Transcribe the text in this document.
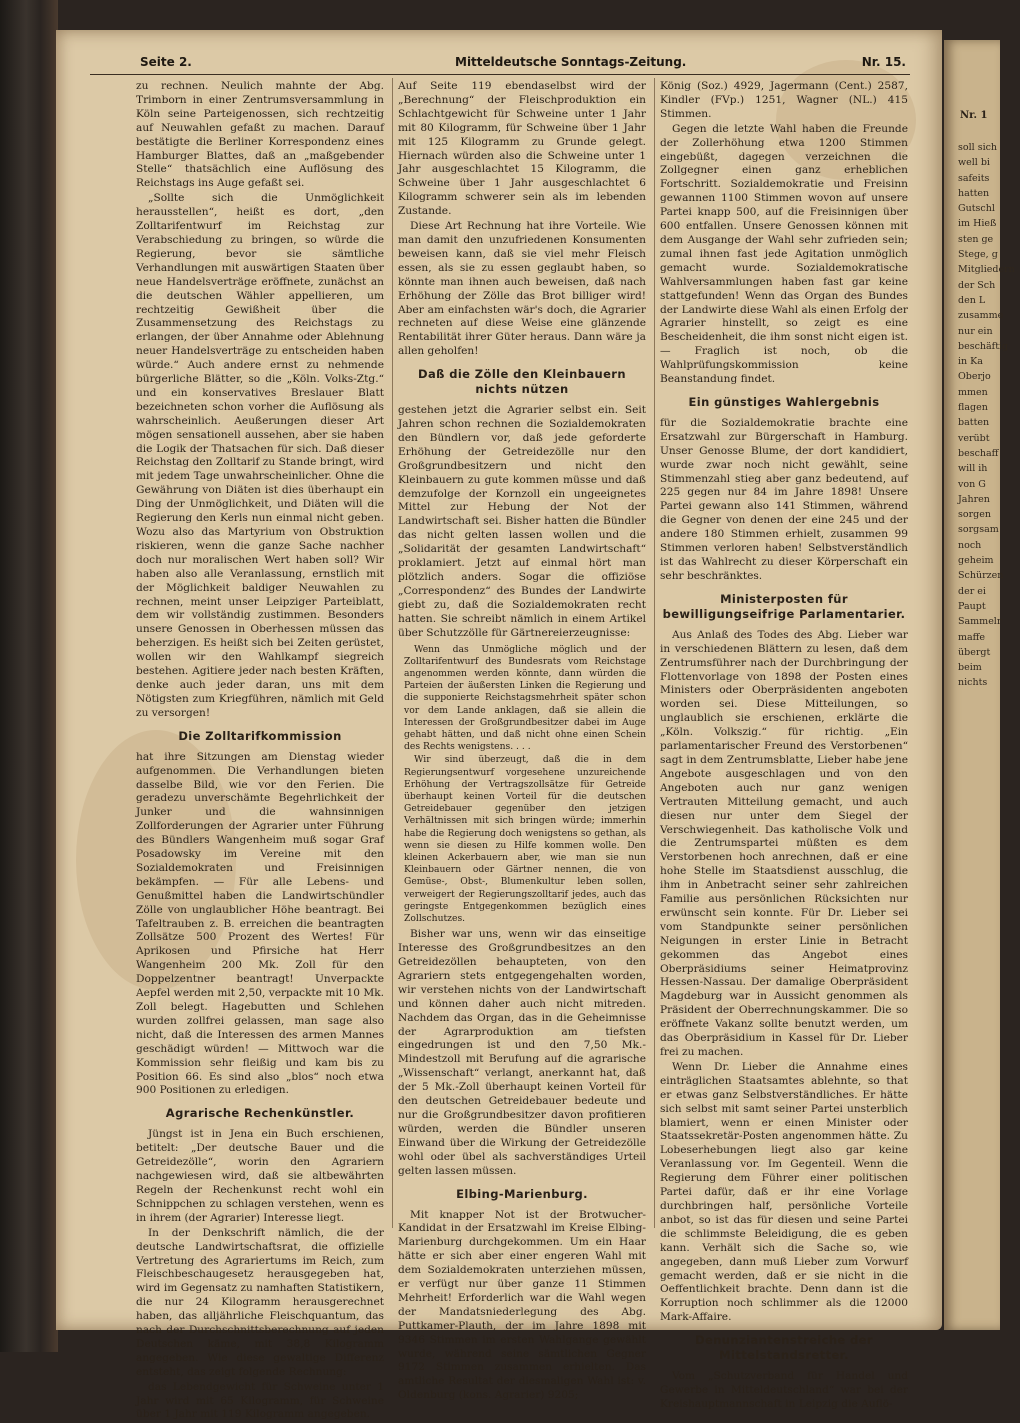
Seite 2.	Mitteldeutsche Sonntags-Zeitung.	Nr. 15.

zu rechnen. Neulich mahnte der Abg. Trimborn in einer Zentrumsversammlung in Köln seine Parteigenossen, sich rechtzeitig auf Neuwahlen gefaßt zu machen. Darauf bestätigte die Berliner Korrespondenz eines Hamburger Blattes, daß an „maßgebender Stelle“ thatsächlich eine Auflösung des Reichstags ins Auge gefaßt sei.

„Sollte sich die Unmöglichkeit herausstellen“, heißt es dort, „den Zolltarifentwurf im Reichstag zur Verabschiedung zu bringen, so würde die Regierung, bevor sie sämtliche Verhandlungen mit auswärtigen Staaten über neue Handelsverträge eröffnete, zunächst an die deutschen Wähler appellieren, um rechtzeitig Gewißheit über die Zusammensetzung des Reichstags zu erlangen, der über Annahme oder Ablehnung neuer Handelsverträge zu entscheiden haben würde.“ Auch andere ernst zu nehmende bürgerliche Blätter, so die „Köln. Volks-Ztg.“ und ein konservatives Breslauer Blatt bezeichneten schon vorher die Auflösung als wahrscheinlich. Aeußerungen dieser Art mögen sensationell aussehen, aber sie haben die Logik der Thatsachen für sich. Daß dieser Reichstag den Zolltarif zu Stande bringt, wird mit jedem Tage unwahrscheinlicher. Ohne die Gewährung von Diäten ist dies überhaupt ein Ding der Unmöglichkeit, und Diäten will die Regierung den Kerls nun einmal nicht geben. Wozu also das Martyrium von Obstruktion riskieren, wenn die ganze Sache nachher doch nur moralischen Wert haben soll? Wir haben also alle Veranlassung, ernstlich mit der Möglichkeit baldiger Neuwahlen zu rechnen, meint unser Leipziger Parteiblatt, dem wir vollständig zustimmen. Besonders unsere Genossen in Oberhessen müssen das beherzigen. Es heißt sich bei Zeiten gerüstet, wollen wir den Wahlkampf siegreich bestehen. Agitiere jeder nach besten Kräften, denke auch jeder daran, uns mit dem Nötigsten zum Kriegführen, nämlich mit Geld zu versorgen!

Die Zolltarifkommission

hat ihre Sitzungen am Dienstag wieder aufgenommen. Die Verhandlungen bieten dasselbe Bild, wie vor den Ferien. Die geradezu unverschämte Begehrlichkeit der Junker und die wahnsinnigen Zollforderungen der Agrarier unter Führung des Bündlers Wangenheim muß sogar Graf Posadowsky im Vereine mit den Sozialdemokraten und Freisinnigen bekämpfen. — Für alle Lebens- und Genußmittel haben die Landwirtschündler Zölle von unglaublicher Höhe beantragt. Bei Tafeltrauben z. B. erreichen die beantragten Zollsätze 500 Prozent des Wertes! Für Aprikosen und Pfirsiche hat Herr Wangenheim 200 Mk. Zoll für den Doppelzentner beantragt! Unverpackte Aepfel werden mit 2,50, verpackte mit 10 Mk. Zoll belegt. Hagebutten und Schlehen wurden zollfrei gelassen, man sage also nicht, daß die Interessen des armen Mannes geschädigt würden! — Mittwoch war die Kommission sehr fleißig und kam bis zu Position 66. Es sind also „blos“ noch etwa 900 Positionen zu erledigen.

Agrarische Rechenkünstler.

Jüngst ist in Jena ein Buch erschienen, betitelt: „Der deutsche Bauer und die Getreidezölle“, worin den Agrariern nachgewiesen wird, daß sie altbewährten Regeln der Rechenkunst recht wohl ein Schnippchen zu schlagen verstehen, wenn es in ihrem (der Agrarier) Interesse liegt.

In der Denkschrift nämlich, die der deutsche Landwirtschaftsrat, die offizielle Vertretung des Agrariertums im Reich, zum Fleischbeschaugesetz herausgegeben hat, wird im Gegensatz zu namhaften Statistikern, die nur 24 Kilogramm herausgerechnet haben, das alljährliche Fleischquantum, das nach der Durchschnittsberechnung auf jeden Deutschen käme, mit 38,8 Kilogramm angegeben. Wie diese gewaltige Differenz entsteht, das zeigt folgende Rechnung:

das Lebendgewicht für Schweine unter 1 Jahr wird mit 65 Kilogramm, für Schweine über 1 Jahr mit 119 Kilogramm angegeben.

Auf Seite 119 ebendaselbst wird der „Berechnung“ der Fleischproduktion ein Schlachtgewicht für Schweine unter 1 Jahr mit 80 Kilogramm, für Schweine über 1 Jahr mit 125 Kilogramm zu Grunde gelegt. Hiernach würden also die Schweine unter 1 Jahr ausgeschlachtet 15 Kilogramm, die Schweine über 1 Jahr ausgeschlachtet 6 Kilogramm schwerer sein als im lebenden Zustande.

Diese Art Rechnung hat ihre Vorteile. Wie man damit den unzufriedenen Konsumenten beweisen kann, daß sie viel mehr Fleisch essen, als sie zu essen geglaubt haben, so könnte man ihnen auch beweisen, daß nach Erhöhung der Zölle das Brot billiger wird! Aber am einfachsten wär's doch, die Agrarier rechneten auf diese Weise eine glänzende Rentabilität ihrer Güter heraus. Dann wäre ja allen geholfen!

Daß die Zölle den Kleinbauern nichts nützen

gestehen jetzt die Agrarier selbst ein. Seit Jahren schon rechnen die Sozialdemokraten den Bündlern vor, daß jede geforderte Erhöhung der Getreidezölle nur den Großgrundbesitzern und nicht den Kleinbauern zu gute kommen müsse und daß demzufolge der Kornzoll ein ungeeignetes Mittel zur Hebung der Not der Landwirtschaft sei. Bisher hatten die Bündler das nicht gelten lassen wollen und die „Solidarität der gesamten Landwirtschaft“ proklamiert. Jetzt auf einmal hört man plötzlich anders. Sogar die offiziöse „Correspondenz“ des Bundes der Landwirte giebt zu, daß die Sozialdemokraten recht hatten. Sie schreibt nämlich in einem Artikel über Schutzzölle für Gärtnereierzeugnisse:

Wenn das Unmögliche möglich und der Zolltarifentwurf des Bundesrats vom Reichstage angenommen werden könnte, dann würden die Parteien der äußersten Linken die Regierung und die supponierte Reichstagsmehrheit später schon vor dem Lande anklagen, daß sie allein die Interessen der Großgrundbesitzer dabei im Auge gehabt hätten, und daß nicht ohne einen Schein des Rechts wenigstens. . . .

Wir sind überzeugt, daß die in dem Regierungsentwurf vorgesehene unzureichende Erhöhung der Vertragszollsätze für Getreide überhaupt keinen Vorteil für die deutschen Getreidebauer gegenüber den jetzigen Verhältnissen mit sich bringen würde; immerhin habe die Regierung doch wenigstens so gethan, als wenn sie diesen zu Hilfe kommen wolle. Den kleinen Ackerbauern aber, wie man sie nun Kleinbauern oder Gärtner nennen, die von Gemüse-, Obst-, Blumenkultur leben sollen, verweigert der Regierungszolltarif jedes, auch das geringste Entgegenkommen bezüglich eines Zollschutzes.

Bisher war uns, wenn wir das einseitige Interesse des Großgrundbesitzes an den Getreidezöllen behaupteten, von den Agrariern stets entgegengehalten worden, wir verstehen nichts von der Landwirtschaft und können daher auch nicht mitreden. Nachdem das Organ, das in die Geheimnisse der Agrarproduktion am tiefsten eingedrungen ist und den 7,50 Mk.-Mindestzoll mit Berufung auf die agrarische „Wissenschaft“ verlangt, anerkannt hat, daß der 5 Mk.-Zoll überhaupt keinen Vorteil für den deutschen Getreidebauer bedeute und nur die Großgrundbesitzer davon profitieren würden, werden die Bündler unseren Einwand über die Wirkung der Getreidezölle wohl oder übel als sachverständiges Urteil gelten lassen müssen.

Elbing-Marienburg.

Mit knapper Not ist der Brotwucher-Kandidat in der Ersatzwahl im Kreise Elbing-Marienburg durchgekommen. Um ein Haar hätte er sich aber einer engeren Wahl mit dem Sozialdemokraten unterziehen müssen, er verfügt nur über ganze 11 Stimmen Mehrheit! Erforderlich war die Wahl wegen der Mandatsniederlegung des Abg. Puttkamer-Plauth, der im Jahre 1898 mit 9346 Stimmen im ersten Wahlgange gewählt wurde, während seine sämtlichen Gegner 9172 Stimmen zusammen erhielten. Das amtliche Resultat der diesmaligen Wahl ist: v. Oldenburg (kons. Agrarier) 9205;

König (Soz.) 4929, Jagermann (Cent.) 2587, Kindler (FVp.) 1251, Wagner (NL.) 415 Stimmen.

Gegen die letzte Wahl haben die Freunde der Zollerhöhung etwa 1200 Stimmen eingebüßt, dagegen verzeichnen die Zollgegner einen ganz erheblichen Fortschritt. Sozialdemokratie und Freisinn gewannen 1100 Stimmen wovon auf unsere Partei knapp 500, auf die Freisinnigen über 600 entfallen. Unsere Genossen können mit dem Ausgange der Wahl sehr zufrieden sein; zumal ihnen fast jede Agitation unmöglich gemacht wurde. Sozialdemokratische Wahlversammlungen haben fast gar keine stattgefunden! Wenn das Organ des Bundes der Landwirte diese Wahl als einen Erfolg der Agrarier hinstellt, so zeigt es eine Bescheidenheit, die ihm sonst nicht eigen ist. — Fraglich ist noch, ob die Wahlprüfungskommission keine Beanstandung findet.

Ein günstiges Wahlergebnis

für die Sozialdemokratie brachte eine Ersatzwahl zur Bürgerschaft in Hamburg. Unser Genosse Blume, der dort kandidiert, wurde zwar noch nicht gewählt, seine Stimmenzahl stieg aber ganz bedeutend, auf 225 gegen nur 84 im Jahre 1898! Unsere Partei gewann also 141 Stimmen, während die Gegner von denen der eine 245 und der andere 180 Stimmen erhielt, zusammen 99 Stimmen verloren haben! Selbstverständlich ist das Wahlrecht zu dieser Körperschaft ein sehr beschränktes.

Ministerposten für bewilligungseifrige Parlamentarier.

Aus Anlaß des Todes des Abg. Lieber war in verschiedenen Blättern zu lesen, daß dem Zentrumsführer nach der Durchbringung der Flottenvorlage von 1898 der Posten eines Ministers oder Oberpräsidenten angeboten worden sei. Diese Mitteilungen, so unglaublich sie erschienen, erklärte die „Köln. Volkszig.“ für richtig. „Ein parlamentarischer Freund des Verstorbenen“ sagt in dem Zentrumsblatte, Lieber habe jene Angebote ausgeschlagen und von den Angeboten auch nur ganz wenigen Vertrauten Mitteilung gemacht, und auch diesen nur unter dem Siegel der Verschwiegenheit. Das katholische Volk und die Zentrumspartei müßten es dem Verstorbenen hoch anrechnen, daß er eine hohe Stelle im Staatsdienst ausschlug, die ihm in Anbetracht seiner sehr zahlreichen Familie aus persönlichen Rücksichten nur erwünscht sein konnte. Für Dr. Lieber sei vom Standpunkte seiner persönlichen Neigungen in erster Linie in Betracht gekommen das Angebot eines Oberpräsidiums seiner Heimatprovinz Hessen-Nassau. Der damalige Oberpräsident Magdeburg war in Aussicht genommen als Präsident der Oberrechnungskammer. Die so eröffnete Vakanz sollte benutzt werden, um das Oberpräsidium in Kassel für Dr. Lieber frei zu machen.

Wenn Dr. Lieber die Annahme eines einträglichen Staatsamtes ablehnte, so that er etwas ganz Selbstverständliches. Er hätte sich selbst mit samt seiner Partei unsterblich blamiert, wenn er einen Minister oder Staatssekretär-Posten angenommen hätte. Zu Lobeserhebungen liegt also gar keine Veranlassung vor. Im Gegenteil. Wenn die Regierung dem Führer einer politischen Partei dafür, daß er ihr eine Vorlage durchbringen half, persönliche Vorteile anbot, so ist das für diesen und seine Partei die schlimmste Beleidigung, die es geben kann. Verhält sich die Sache so, wie angegeben, dann muß Lieber zum Vorwurf gemacht werden, daß er sie nicht in die Oeffentlichkeit brachte. Denn dann ist die Korruption noch schlimmer als die 12000 Mark-Affaire.

Denunziantenstreiche der Mittelstandsretter.

Vom „Schutzverband für Handel und Gewerbe in Mitteldeutschland“ war bei der Kreishauptmannschaft in Leipzig die Auflö-

Nr. 1
soll sich
well bi
safeits
hatten
Gutschl
im Hieß
sten ge
Stege, g
Mitgliedern
der Sch
den L
zusamme
nur ein
beschäftig
in Ka
Oberjo
mmen
flagen
batten
verübt
beschaff
will ih
von G
Jahren
sorgen
sorgsam
noch
geheim
Schürzen
der ei
Paupt
Sammelr
maffe
übergt
beim
nichts
